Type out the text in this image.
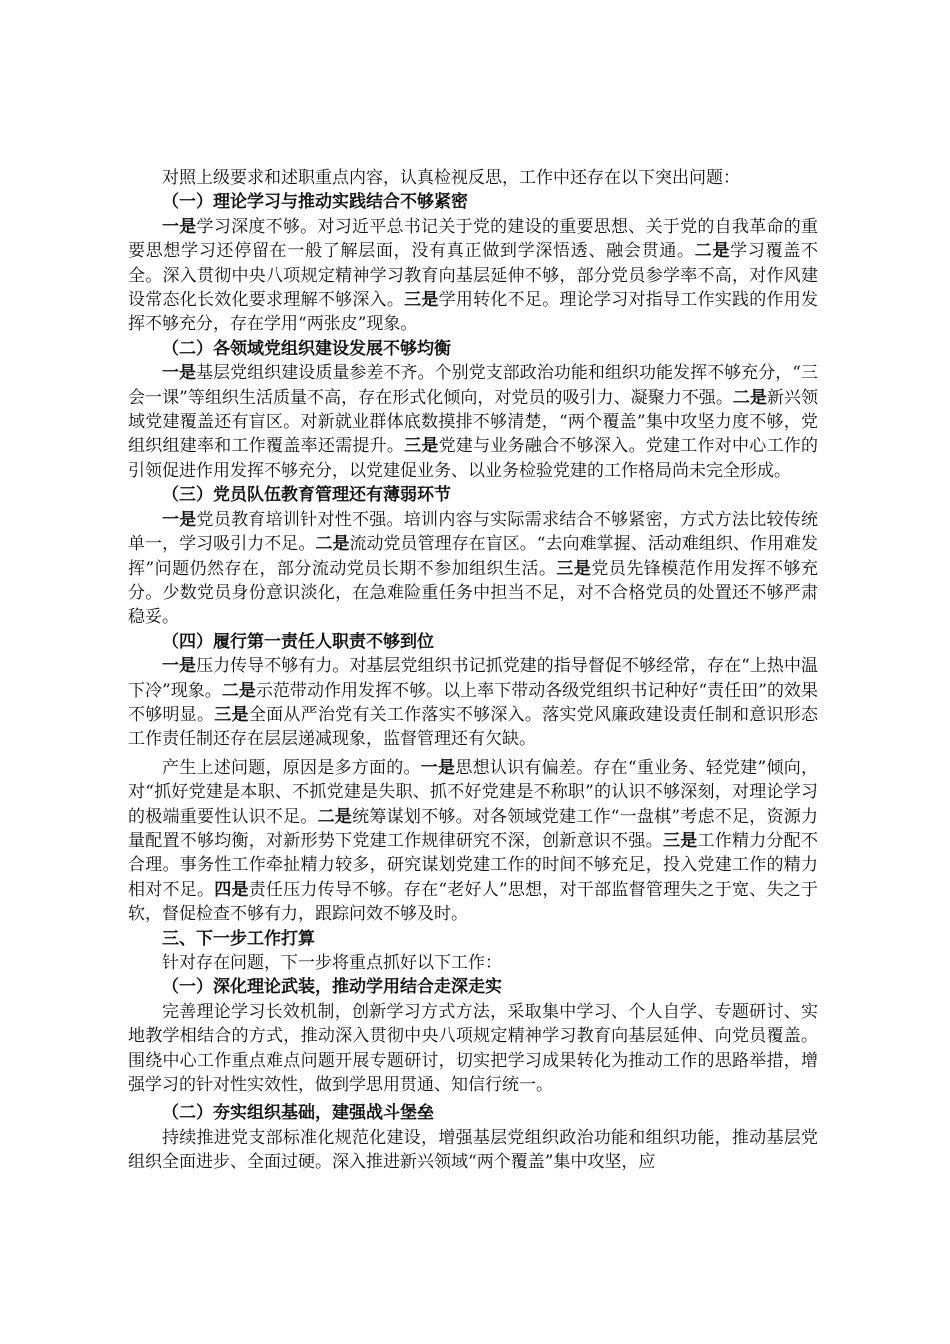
对照上级要求和述职重点内容，认真检视反思，工作中还存在以下突出问题：

（一）理论学习与推动实践结合不够紧密

一是学习深度不够。对习近平总书记关于党的建设的重要思想、关于党的自我革命的重要思想学习还停留在一般了解层面，没有真正做到学深悟透、融会贯通。二是学习覆盖不全。深入贯彻中央八项规定精神学习教育向基层延伸不够，部分党员参学率不高，对作风建设常态化长效化要求理解不够深入。三是学用转化不足。理论学习对指导工作实践的作用发挥不够充分，存在学用“两张皮”现象。

（二）各领域党组织建设发展不够均衡

一是基层党组织建设质量参差不齐。个别党支部政治功能和组织功能发挥不够充分，“三会一课”等组织生活质量不高，存在形式化倾向，对党员的吸引力、凝聚力不强。二是新兴领域党建覆盖还有盲区。对新就业群体底数摸排不够清楚，“两个覆盖”集中攻坚力度不够，党组织组建率和工作覆盖率还需提升。三是党建与业务融合不够深入。党建工作对中心工作的引领促进作用发挥不够充分，以党建促业务、以业务检验党建的工作格局尚未完全形成。

（三）党员队伍教育管理还有薄弱环节

一是党员教育培训针对性不强。培训内容与实际需求结合不够紧密，方式方法比较传统单一，学习吸引力不足。二是流动党员管理存在盲区。“去向难掌握、活动难组织、作用难发挥”问题仍然存在，部分流动党员长期不参加组织生活。三是党员先锋模范作用发挥不够充分。少数党员身份意识淡化，在急难险重任务中担当不足，对不合格党员的处置还不够严肃稳妥。

（四）履行第一责任人职责不够到位

一是压力传导不够有力。对基层党组织书记抓党建的指导督促不够经常，存在“上热中温下冷”现象。二是示范带动作用发挥不够。以上率下带动各级党组织书记种好“责任田”的效果不够明显。三是全面从严治党有关工作落实不够深入。落实党风廉政建设责任制和意识形态工作责任制还存在层层递减现象，监督管理还有欠缺。

产生上述问题，原因是多方面的。一是思想认识有偏差。存在“重业务、轻党建”倾向，对“抓好党建是本职、不抓党建是失职、抓不好党建是不称职”的认识不够深刻，对理论学习的极端重要性认识不足。二是统筹谋划不够。对各领域党建工作“一盘棋”考虑不足，资源力量配置不够均衡，对新形势下党建工作规律研究不深，创新意识不强。三是工作精力分配不合理。事务性工作牵扯精力较多，研究谋划党建工作的时间不够充足，投入党建工作的精力相对不足。四是责任压力传导不够。存在“老好人”思想，对干部监督管理失之于宽、失之于软，督促检查不够有力，跟踪问效不够及时。

三、下一步工作打算

针对存在问题，下一步将重点抓好以下工作：

（一）深化理论武装，推动学用结合走深走实

完善理论学习长效机制，创新学习方式方法，采取集中学习、个人自学、专题研讨、实地教学相结合的方式，推动深入贯彻中央八项规定精神学习教育向基层延伸、向党员覆盖。围绕中心工作重点难点问题开展专题研讨，切实把学习成果转化为推动工作的思路举措，增强学习的针对性实效性，做到学思用贯通、知信行统一。

（二）夯实组织基础，建强战斗堡垒

持续推进党支部标准化规范化建设，增强基层党组织政治功能和组织功能，推动基层党组织全面进步、全面过硬。深入推进新兴领域“两个覆盖”集中攻坚，应
